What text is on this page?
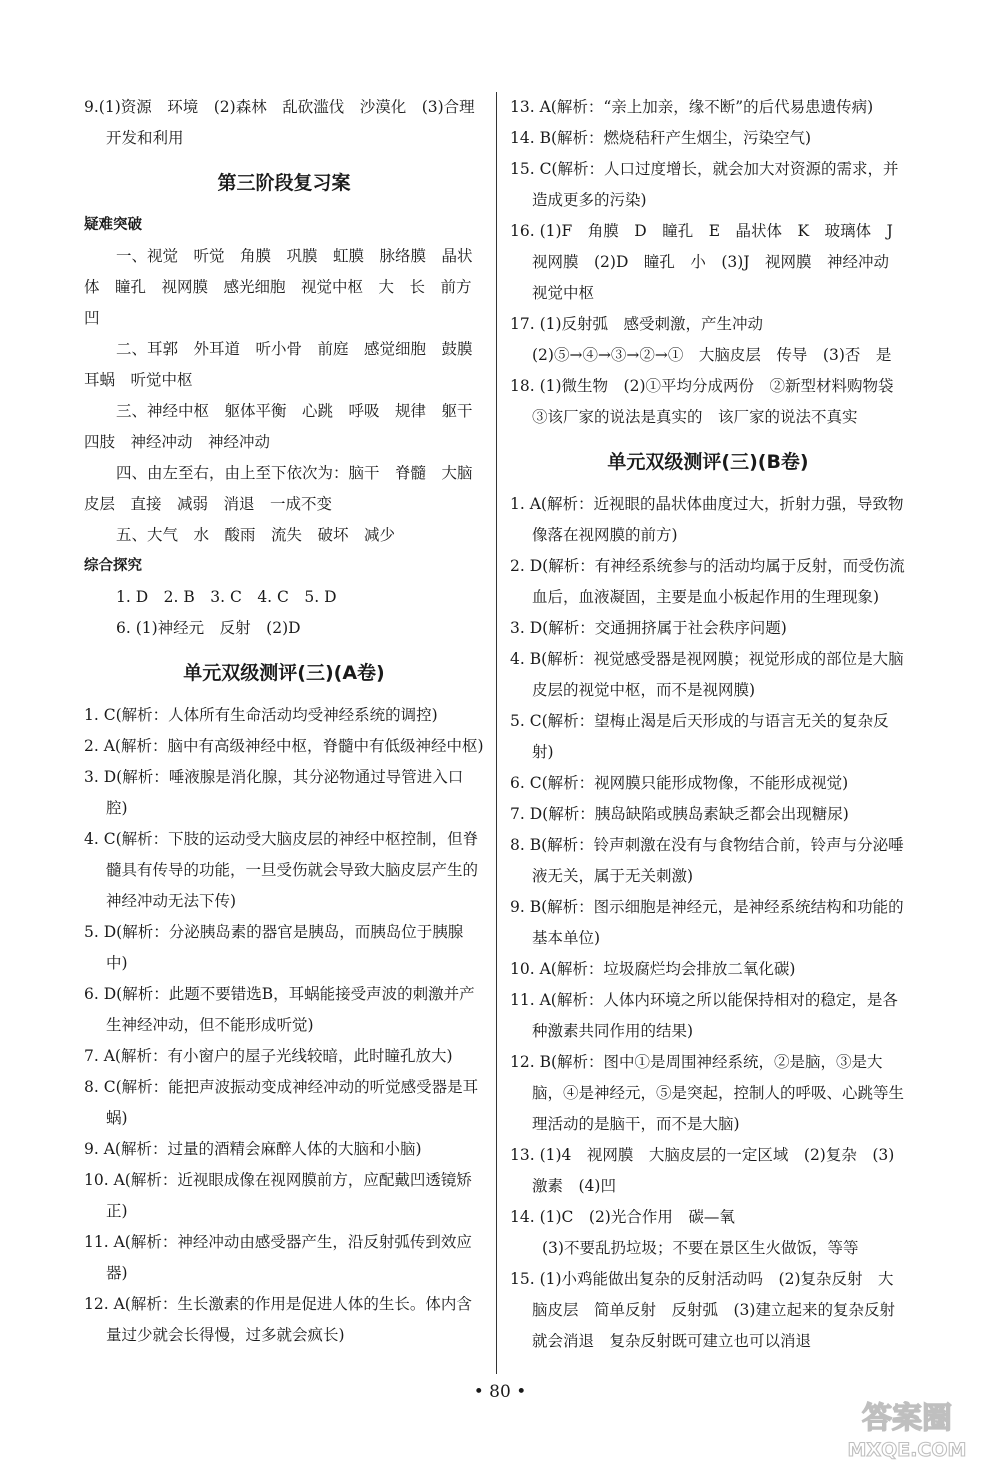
9.(1)资源　环境　(2)森林　乱砍滥伐　沙漠化　(3)合理开发和利用

第三阶段复习案
疑难突破

一、视觉　听觉　角膜　巩膜　虹膜　脉络膜　晶状体　瞳孔　视网膜　感光细胞　视觉中枢　大　长　前方　凹

二、耳郭　外耳道　听小骨　前庭　感觉细胞　鼓膜　耳蜗　听觉中枢

三、神经中枢　躯体平衡　心跳　呼吸　规律　躯干　四肢　神经冲动　神经冲动

四、由左至右，由上至下依次为：脑干　脊髓　大脑皮层　直接　减弱　消退　一成不变

五、大气　水　酸雨　流失　破坏　减少

综合探究

1. D　2. B　3. C　4. C　5. D

6. (1)神经元　反射　(2)D

单元双级测评(三)(A卷)

1. C(解析：人体所有生命活动均受神经系统的调控)

2. A(解析：脑中有高级神经中枢，脊髓中有低级神经中枢)

3. D(解析：唾液腺是消化腺，其分泌物通过导管进入口腔)

4. C(解析：下肢的运动受大脑皮层的神经中枢控制，但脊髓具有传导的功能，一旦受伤就会导致大脑皮层产生的神经冲动无法下传)

5. D(解析：分泌胰岛素的器官是胰岛，而胰岛位于胰腺中)

6. D(解析：此题不要错选B，耳蜗能接受声波的刺激并产生神经冲动，但不能形成听觉)

7. A(解析：有小窗户的屋子光线较暗，此时瞳孔放大)

8. C(解析：能把声波振动变成神经冲动的听觉感受器是耳蜗)

9. A(解析：过量的酒精会麻醉人体的大脑和小脑)

10. A(解析：近视眼成像在视网膜前方，应配戴凹透镜矫正)

11. A(解析：神经冲动由感受器产生，沿反射弧传到效应器)

12. A(解析：生长激素的作用是促进人体的生长。体内含量过少就会长得慢，过多就会疯长)

13. A(解析：“亲上加亲，缘不断”的后代易患遗传病)

14. B(解析：燃烧秸秆产生烟尘，污染空气)

15. C(解析：人口过度增长，就会加大对资源的需求，并造成更多的污染)

16. (1)F　角膜　D　瞳孔　E　晶状体　K　玻璃体　J　视网膜　(2)D　瞳孔　小　(3)J　视网膜　神经冲动　视觉中枢

17. (1)反射弧　感受刺激，产生冲动　(2)⑤→④→③→②→①　大脑皮层　传导　(3)否　是

18. (1)微生物　(2)①平均分成两份　②新型材料购物袋　③该厂家的说法是真实的　该厂家的说法不真实

单元双级测评(三)(B卷)

1. A(解析：近视眼的晶状体曲度过大，折射力强，导致物像落在视网膜的前方)

2. D(解析：有神经系统参与的活动均属于反射，而受伤流血后，血液凝固，主要是血小板起作用的生理现象)

3. D(解析：交通拥挤属于社会秩序问题)

4. B(解析：视觉感受器是视网膜；视觉形成的部位是大脑皮层的视觉中枢，而不是视网膜)

5. C(解析：望梅止渴是后天形成的与语言无关的复杂反射)

6. C(解析：视网膜只能形成物像，不能形成视觉)

7. D(解析：胰岛缺陷或胰岛素缺乏都会出现糖尿)

8. B(解析：铃声刺激在没有与食物结合前，铃声与分泌唾液无关，属于无关刺激)

9. B(解析：图示细胞是神经元，是神经系统结构和功能的基本单位)

10. A(解析：垃圾腐烂均会排放二氧化碳)

11. A(解析：人体内环境之所以能保持相对的稳定，是各种激素共同作用的结果)

12. B(解析：图中①是周围神经系统，②是脑，③是大脑，④是神经元，⑤是突起，控制人的呼吸、心跳等生理活动的是脑干，而不是大脑)

13. (1)4　视网膜　大脑皮层的一定区域　(2)复杂　(3)激素　(4)凹

14. (1)C　(2)光合作用　碳—氧

(3)不要乱扔垃圾；不要在景区生火做饭，等等

15. (1)小鸡能做出复杂的反射活动吗　(2)复杂反射　大脑皮层　简单反射　反射弧　(3)建立起来的复杂反射就会消退　复杂反射既可建立也可以消退

• 80 •
答案圈
MXQE.COM
